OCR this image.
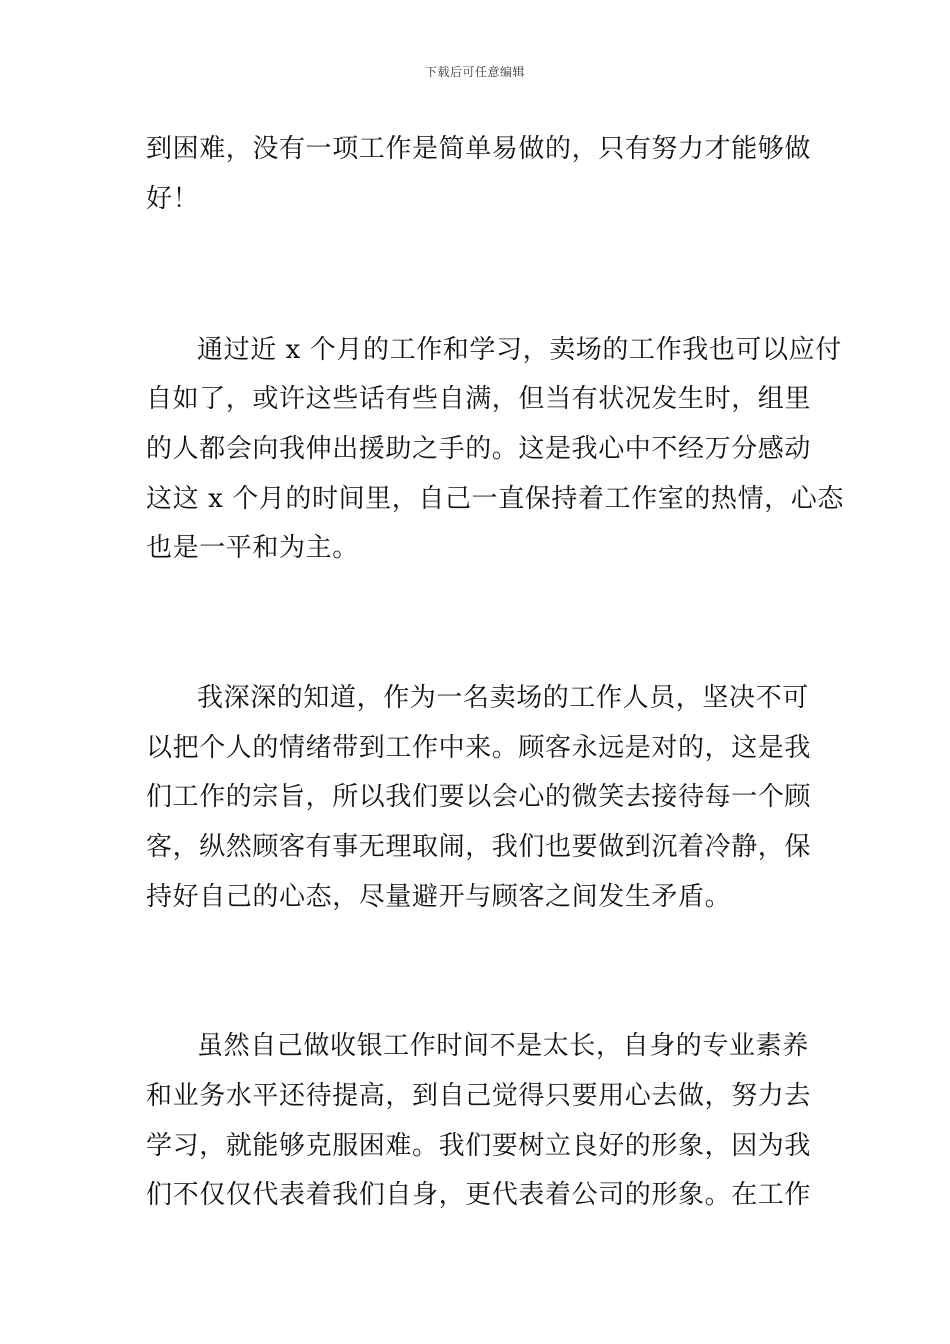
下载后可任意编辑
到困难，没有一项工作是简单易做的，只有努力才能够做
好！
通过近 x 个月的工作和学习，卖场的工作我也可以应付
自如了，或许这些话有些自满，但当有状况发生时，组里
的人都会向我伸出援助之手的。这是我心中不经万分感动
这这 x 个月的时间里，自己一直保持着工作室的热情，心态
也是一平和为主。
我深深的知道，作为一名卖场的工作人员，坚决不可
以把个人的情绪带到工作中来。顾客永远是对的，这是我
们工作的宗旨，所以我们要以会心的微笑去接待每一个顾
客，纵然顾客有事无理取闹，我们也要做到沉着冷静，保
持好自己的心态，尽量避开与顾客之间发生矛盾。
虽然自己做收银工作时间不是太长，自身的专业素养
和业务水平还待提高，到自己觉得只要用心去做，努力去
学习，就能够克服困难。我们要树立良好的形象，因为我
们不仅仅代表着我们自身，更代表着公司的形象。在工作
